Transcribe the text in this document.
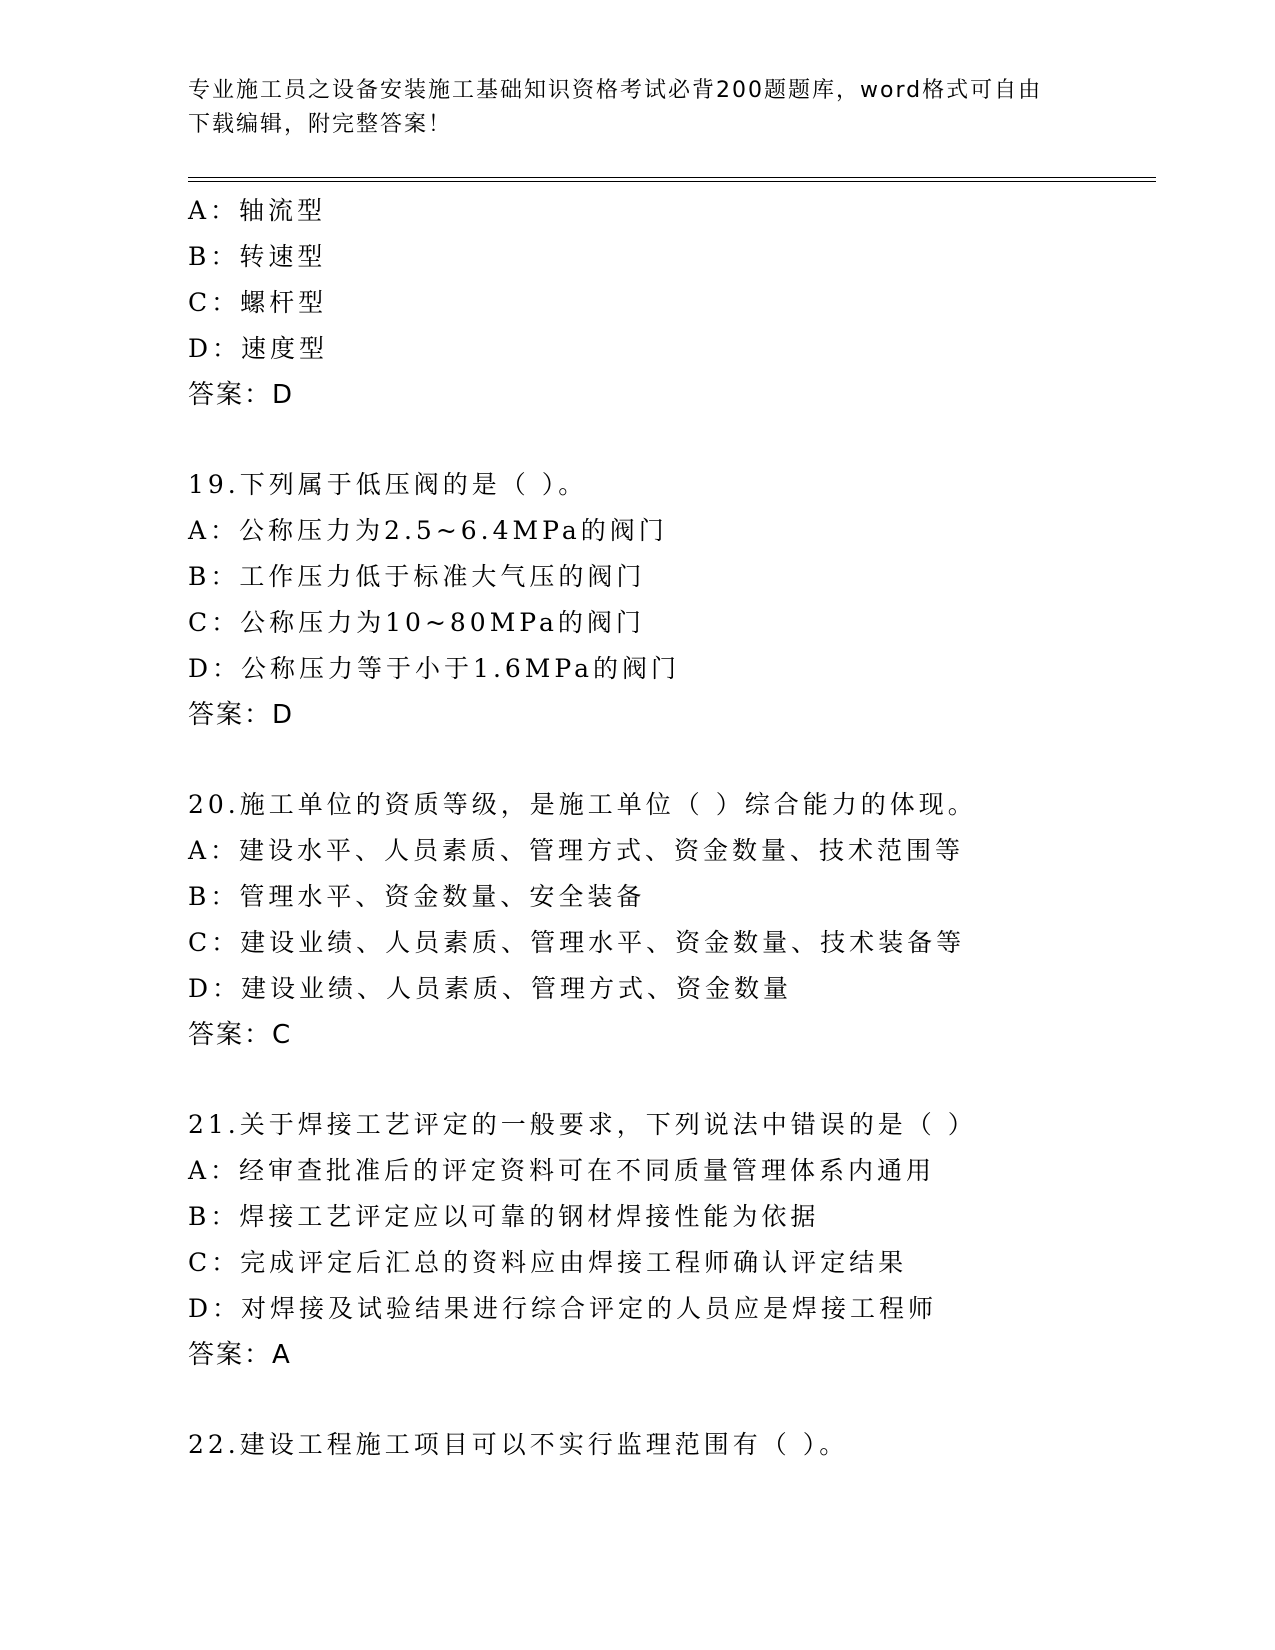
专业施工员之设备安装施工基础知识资格考试必背200题题库，word格式可自由
下载编辑，附完整答案！
A：轴流型
B：转速型
C：螺杆型
D：速度型
答案：D
19.下列属于低压阀的是（ ）。
A：公称压力为2.5~6.4MPa的阀门
B：工作压力低于标准大气压的阀门
C：公称压力为10~80MPa的阀门
D：公称压力等于小于1.6MPa的阀门
答案：D
20.施工单位的资质等级，是施工单位（ ）综合能力的体现。
A：建设水平、人员素质、管理方式、资金数量、技术范围等
B：管理水平、资金数量、安全装备
C：建设业绩、人员素质、管理水平、资金数量、技术装备等
D：建设业绩、人员素质、管理方式、资金数量
答案：C
21.关于焊接工艺评定的一般要求，下列说法中错误的是（ ）
A：经审查批准后的评定资料可在不同质量管理体系内通用
B：焊接工艺评定应以可靠的钢材焊接性能为依据
C：完成评定后汇总的资料应由焊接工程师确认评定结果
D：对焊接及试验结果进行综合评定的人员应是焊接工程师
答案：A
22.建设工程施工项目可以不实行监理范围有（ ）。
